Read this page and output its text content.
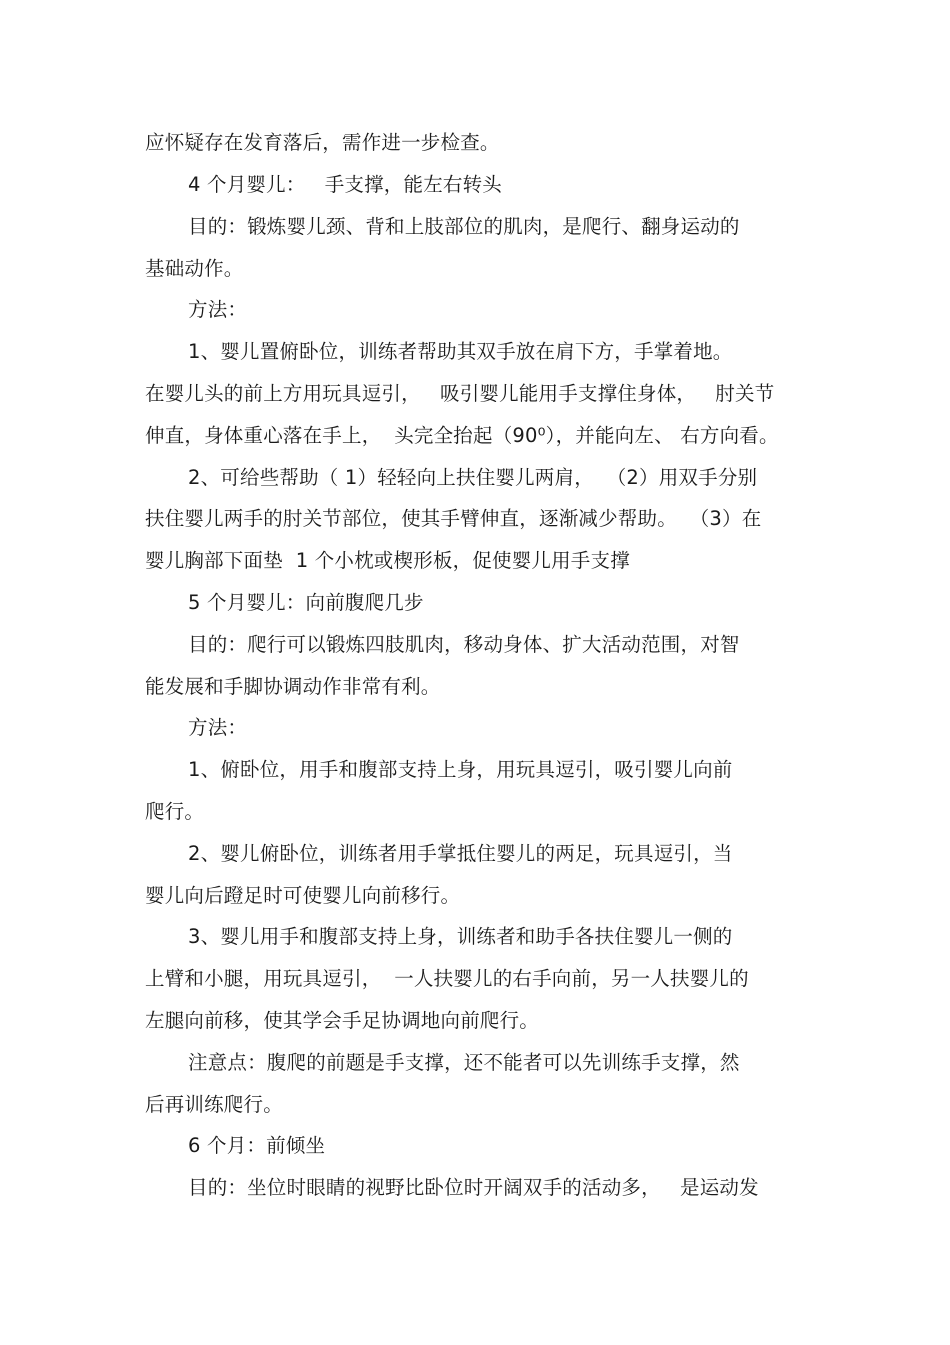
应怀疑存在发育落后，需作进一步检查。
4 个月婴儿：   手支撑，能左右转头
目的：锻炼婴儿颈、背和上肢部位的肌肉，是爬行、翻身运动的
基础动作。
方法：
1、婴儿置俯卧位，训练者帮助其双手放在肩下方，手掌着地。
在婴儿头的前上方用玩具逗引，   吸引婴儿能用手支撑住身体，   肘关节
伸直，身体重心落在手上，  头完全抬起（90⁰），并能向左、 右方向看。
2、可给些帮助（ 1）轻轻向上扶住婴儿两肩，  （2）用双手分别
扶住婴儿两手的肘关节部位，使其手臂伸直，逐渐减少帮助。  （3）在
婴儿胸部下面垫  1 个小枕或楔形板，促使婴儿用手支撑
5 个月婴儿：向前腹爬几步
目的：爬行可以锻炼四肢肌肉，移动身体、扩大活动范围，对智
能发展和手脚协调动作非常有利。
方法：
1、俯卧位，用手和腹部支持上身，用玩具逗引，吸引婴儿向前
爬行。
2、婴儿俯卧位，训练者用手掌抵住婴儿的两足，玩具逗引，当
婴儿向后蹬足时可使婴儿向前移行。
3、婴儿用手和腹部支持上身，训练者和助手各扶住婴儿一侧的
上臂和小腿，用玩具逗引，  一人扶婴儿的右手向前，另一人扶婴儿的
左腿向前移，使其学会手足协调地向前爬行。
注意点：腹爬的前题是手支撑，还不能者可以先训练手支撑，然
后再训练爬行。
6 个月：前倾坐
目的：坐位时眼睛的视野比卧位时开阔双手的活动多，   是运动发
